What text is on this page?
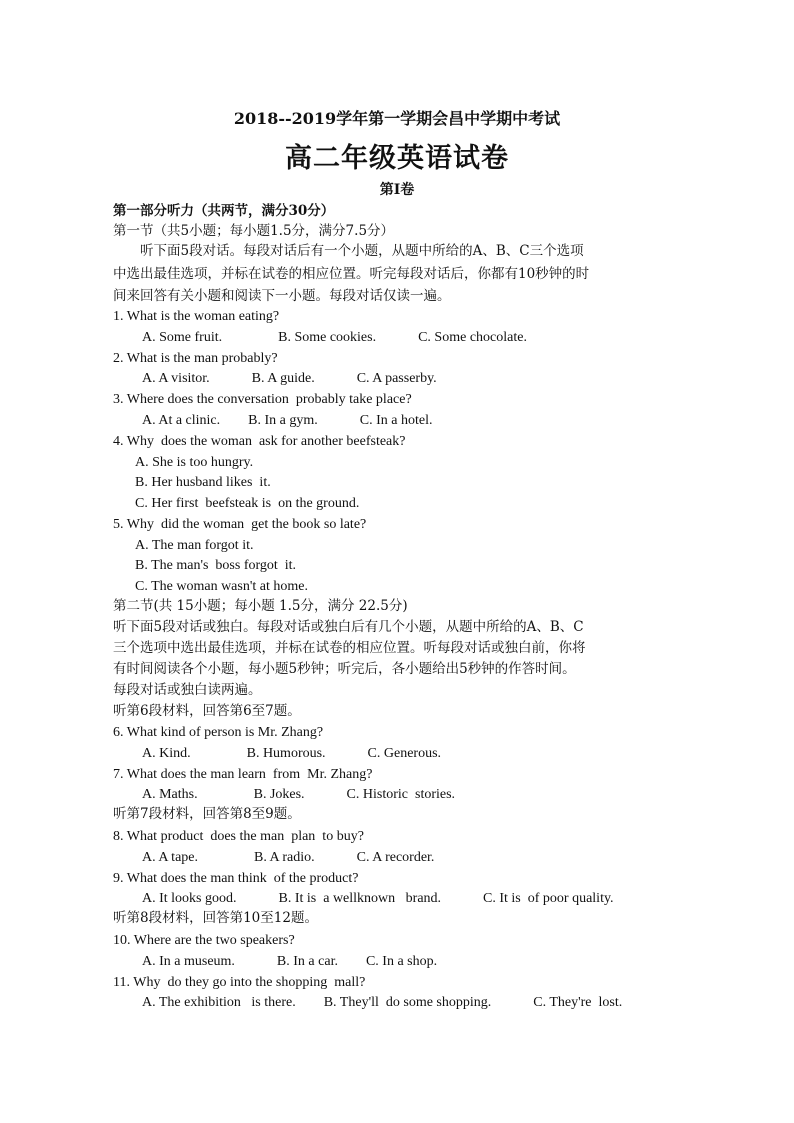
2018--2019学年第一学期会昌中学期中考试
高二年级英语试卷
第I卷
第一部分听力（共两节，满分30分）
第一节（共5小题；每小题1.5分，满分7.5分）
　　听下面5段对话。每段对话后有一个小题，从题中所给的A、B、C三个选项
中选出最佳选项，并标在试卷的相应位置。听完每段对话后，你都有10秒钟的时
间来回答有关小题和阅读下一小题。每段对话仅读一遍。
1. What is the woman eating?
A. Some fruit.　　　　B. Some cookies.　　　C. Some chocolate.
2. What is the man probably?
A. A visitor.　　　B. A guide.　　　C. A passerby.
3. Where does the conversation  probably take place?
A. At a clinic.　　B. In a gym.　　　C. In a hotel.
4. Why  does the woman  ask for another beefsteak?
A. She is too hungry.
B. Her husband likes  it.
C. Her first  beefsteak is  on the ground.
5. Why  did the woman  get the book so late?
A. The man forgot it.
B. The man's  boss forgot  it.
C. The woman wasn't at home.
第二节(共 15小题；每小题 1.5分，满分 22.5分)
听下面5段对话或独白。每段对话或独白后有几个小题，从题中所给的A、B、C
三个选项中选出最佳选项，并标在试卷的相应位置。听每段对话或独白前，你将
有时间阅读各个小题，每小题5秒钟；听完后，各小题给出5秒钟的作答时间。
每段对话或独白读两遍。
听第6段材料，回答第6至7题。
6. What kind of person is Mr. Zhang?
A. Kind.　　　　B. Humorous.　　　C. Generous.
7. What does the man learn  from  Mr. Zhang?
A. Maths.　　　　B. Jokes.　　　C. Historic  stories.
听第7段材料，回答第8至9题。
8. What product  does the man  plan  to buy?
A. A tape.　　　　B. A radio.　　　C. A recorder.
9. What does the man think  of the product?
A. It looks good.　　　B. It is  a wellknown   brand.　　　C. It is  of poor quality.
听第8段材料，回答第10至12题。
10. Where are the two speakers?
A. In a museum.　　　B. In a car.　　C. In a shop.
11. Why  do they go into the shopping  mall?
A. The exhibition   is there.　　B. They'll  do some shopping.　　　C. They're  lost.
